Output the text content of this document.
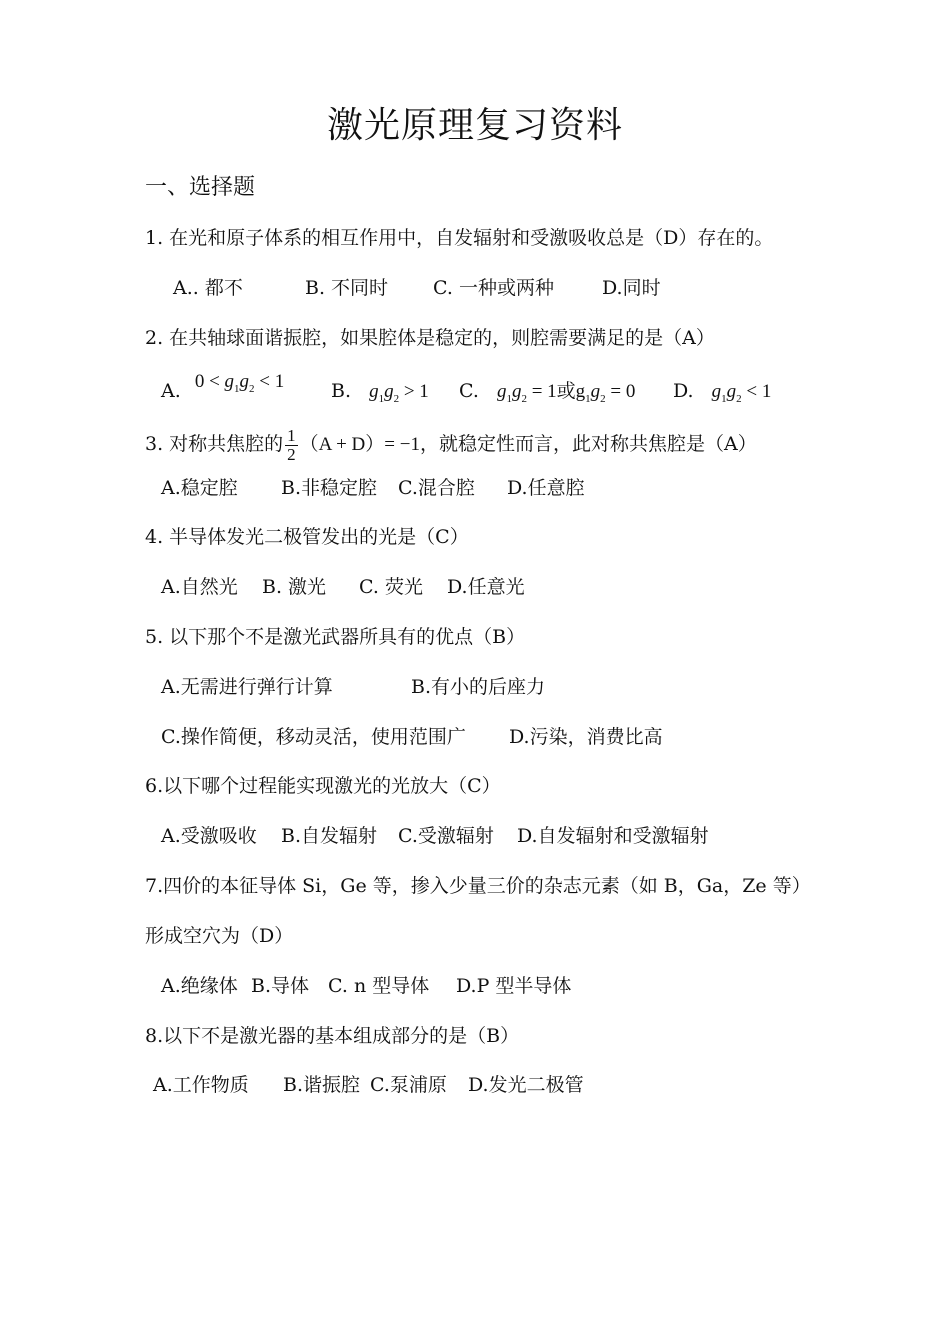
激光原理复习资料
一、选择题
1. 在光和原子体系的相互作用中，自发辐射和受激吸收总是（D）存在的。
A.. 都不	B. 不同时 C. 一种或两种	D.同时
2. 在共轴球面谐振腔，如果腔体是稳定的，则腔需要满足的是（A）
A. $0 < g_1g_2 < 1$ B. $g_1g_2 > 1$ C. $g_1g_2 = 1$或$g_1g_2 = 0$ D. $g_1g_2 < 1$
3. 对称共焦腔的 $\frac{1}{2} (A + D)= -1$，就稳定性而言，此对称共焦腔是（A）
A.稳定腔 B.非稳定腔 C.混合腔 D.任意腔
4. 半导体发光二极管发出的光是（C）
A.自然光 B. 激光 C. 荧光 D.任意光
5. 以下那个不是激光武器所具有的优点（B）
A.无需进行弹行计算	B.有小的后座力
C.操作简便，移动灵活，使用范围广 D.污染，消费比高
6.以下哪个过程能实现激光的光放大（C）
A.受激吸收 B.自发辐射 C.受激辐射 D.自发辐射和受激辐射
7.四价的本征导体 Si，Ge 等，掺入少量三价的杂志元素（如 B，Ga，Ze 等）
形成空穴为（D）
A.绝缘体 B.导体 C. n 型导体 D.P 型半导体
8.以下不是激光器的基本组成部分的是（B）
A.工作物质 B.谐振腔 C.泵浦原 D.发光二极管
